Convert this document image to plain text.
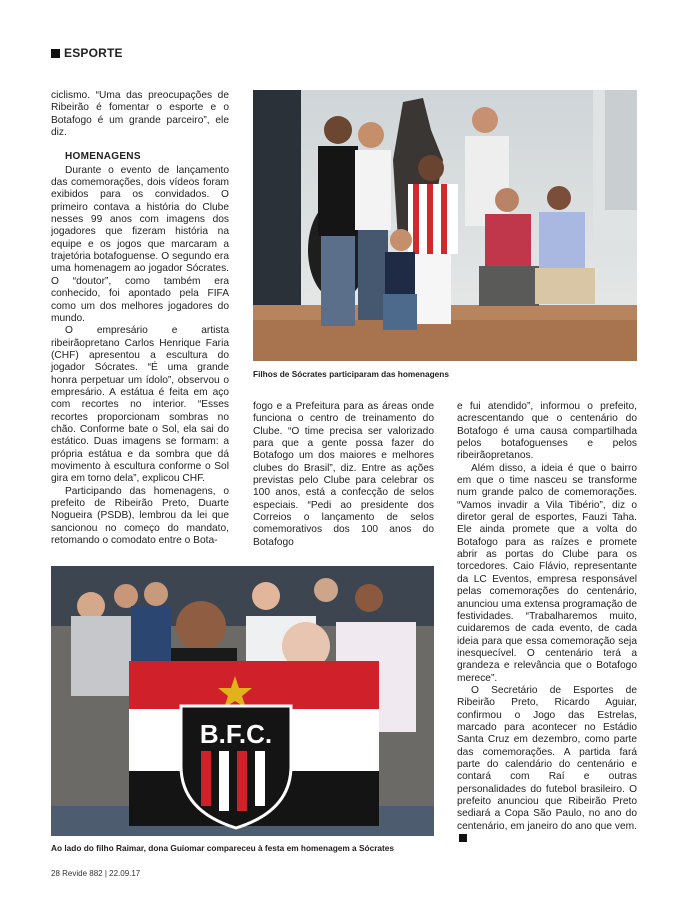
ESPORTE

ciclismo. “Uma das preocupações de Ribeirão é fomentar o esporte e o Botafogo é um grande parceiro”, ele diz.

HOMENAGENS

Durante o evento de lançamento das comemorações, dois vídeos foram exibidos para os convidados. O primeiro contava a história do Clube nesses 99 anos com imagens dos jogadores que fizeram história na equipe e os jogos que marcaram a trajetória botafoguense. O segundo era uma homenagem ao jogador Sócrates. O “doutor”, como também era conhecido, foi apontado pela FIFA como um dos melhores jogadores do mundo.

O empresário e artista ribeirãopretano Carlos Henrique Faria (CHF) apresentou a escultura do jogador Sócrates. “É uma grande honra perpetuar um ídolo”, observou o empresário. A estátua é feita em aço com recortes no interior. “Esses recortes proporcionam sombras no chão. Conforme bate o Sol, ela sai do estático. Duas imagens se formam: a própria estátua e da sombra que dá movimento à escultura conforme o Sol gira em torno dela”, explicou CHF.

Participando das homenagens, o prefeito de Ribeirão Preto, Duarte Nogueira (PSDB), lembrou da lei que sancionou no começo do mandato, retomando o comodato entre o Bota-

Filhos de Sócrates participaram das homenagens

fogo e a Prefeitura para as áreas onde funciona o centro de treinamento do Clube. “O time precisa ser valorizado para que a gente possa fazer do Botafogo um dos maiores e melhores clubes do Brasil”, diz. Entre as ações previstas pelo Clube para celebrar os 100 anos, está a confecção de selos especiais. “Pedi ao presidente dos Correios o lançamento de selos comemorativos dos 100 anos do Botafogo

e fui atendido”, informou o prefeito, acrescentando que o centenário do Botafogo é uma causa compartilhada pelos botafoguenses e pelos ribeirãopretanos.

Além disso, a ideia é que o bairro em que o time nasceu se transforme num grande palco de comemorações. “Vamos invadir a Vila Tibério”, diz o diretor geral de esportes, Fauzi Taha. Ele ainda promete que a volta do Botafogo para as raízes e promete abrir as portas do Clube para os torcedores. Caio Flávio, representante da LC Eventos, empresa responsável pelas comemorações do centenário, anunciou uma extensa programação de festividades. “Trabalharemos muito, cuidaremos de cada evento, de cada ideia para que essa comemoração seja inesquecível. O centenário terá a grandeza e relevância que o Botafogo merece”.

O Secretário de Esportes de Ribeirão Preto, Ricardo Aguiar, confirmou o Jogo das Estrelas, marcado para acontecer no Estádio Santa Cruz em dezembro, como parte das comemorações. A partida fará parte do calendário do centenário e contará com Raí e outras personalidades do futebol brasileiro. O prefeito anunciou que Ribeirão Preto sediará a Copa São Paulo, no ano do centenário, em janeiro do ano que vem.

B.F.C.
Ao lado do filho Raimar, dona Guiomar compareceu à festa em homenagem a Sócrates
28 Revide 882 | 22.09.17
